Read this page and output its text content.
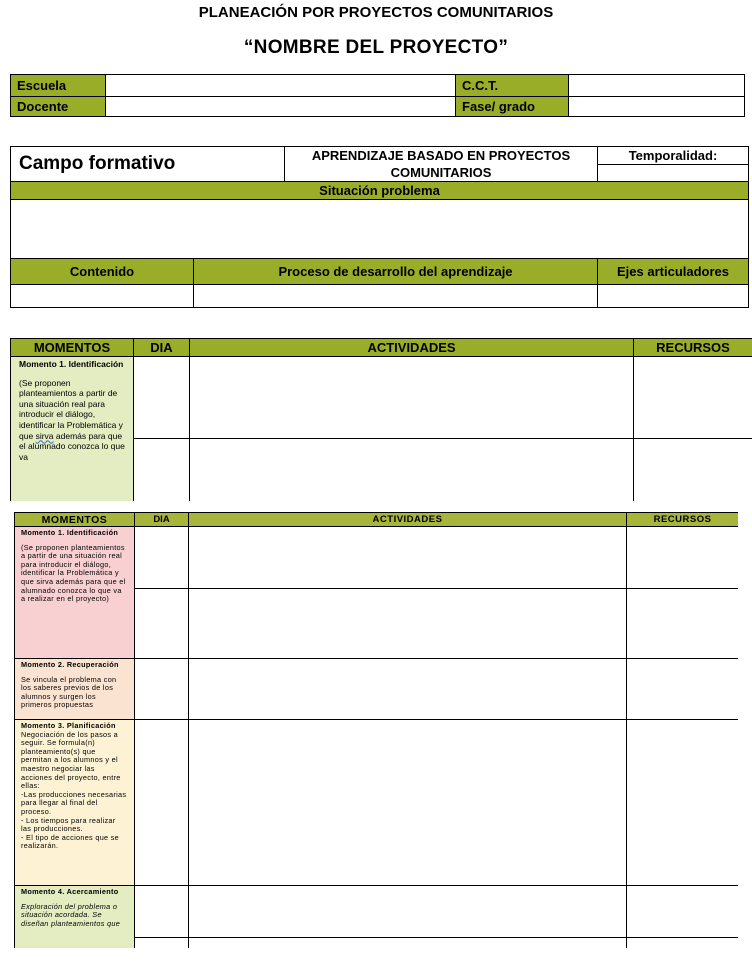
PLANEACIÓN POR PROYECTOS COMUNITARIOS
“NOMBRE DEL PROYECTO”
Escuela		C.C.T.	
Docente		Fase/ grado	
Campo formativo		APRENDIZAJE BASADO EN PROYECTOS COMUNITARIOS	Temporalidad:

Situación problema			

Contenido	Proceso de desarrollo del aprendizaje		Ejes articuladores

MOMENTOS	DIA	ACTIVIDADES	RECURSOS

Momento 1. Identificación
(Se proponen planteamientos a partir de una situación real para introducir el diálogo, identificar la Problemática y que sirva además para que el alumnado conozca lo que va			

MOMENTOS	DIA	ACTIVIDADES	RECURSOS

Momento 1. Identificación
(Se proponen planteamientos a partir de una situación real para introducir el diálogo, identificar la Problemática y que sirva además para que el alumnado conozca lo que va a realizar en el proyecto)			

Momento 2. Recuperación
Se vincula el problema con los saberes previos de los alumnos y surgen los primeros propuestas			

Momento 3. Planificación
Negociación de los pasos a seguir. Se formula(n) planteamiento(s) que permitan a los alumnos y el maestro negociar las acciones del proyecto, entre ellas:
-Las producciones necesarias para llegar al final del proceso.
- Los tiempos para realizar las producciones.
- El tipo de acciones que se realizarán.			

Momento 4. Acercamiento
Exploración del problema o situación acordada. Se diseñan planteamientos que			
